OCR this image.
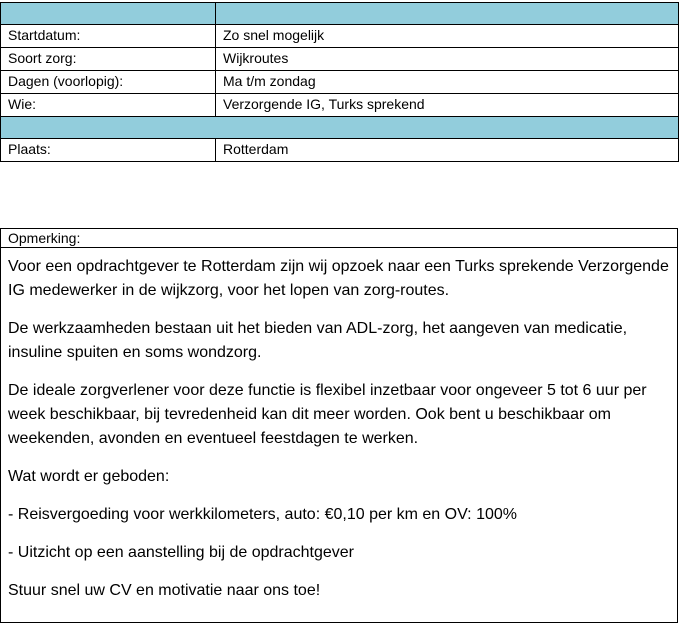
Startdatum:	Zo snel mogelijk
Soort zorg:	Wijkroutes
Dagen (voorlopig):	Ma t/m zondag
Wie:	Verzorgende IG, Turks sprekend

Plaats:	Rotterdam
Opmerking:

Voor een opdrachtgever te Rotterdam zijn wij opzoek naar een Turks sprekende Verzorgende IG medewerker in de wijkzorg, voor het lopen van zorg-routes.

De werkzaamheden bestaan uit het bieden van ADL-zorg, het aangeven van medicatie, insuline spuiten en soms wondzorg.

De ideale zorgverlener voor deze functie is flexibel inzetbaar voor ongeveer 5 tot 6 uur per week beschikbaar, bij tevredenheid kan dit meer worden. Ook bent u beschikbaar om weekenden, avonden en eventueel feestdagen te werken.

Wat wordt er geboden:

- Reisvergoeding voor werkkilometers, auto: €0,10 per km en OV: 100%

- Uitzicht op een aanstelling bij de opdrachtgever

Stuur snel uw CV en motivatie naar ons toe!
